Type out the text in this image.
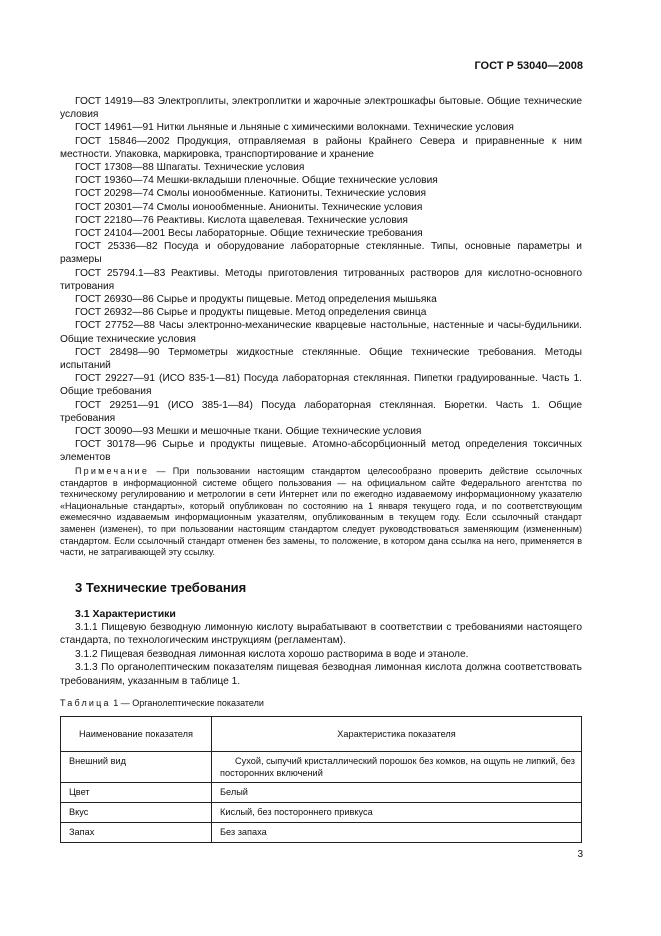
ГОСТ Р 53040—2008
ГОСТ 14919—83 Электроплиты, электроплитки и жарочные электрошкафы бытовые. Общие технические условия
ГОСТ 14961—91 Нитки льняные и льняные с химическими волокнами. Технические условия
ГОСТ 15846—2002 Продукция, отправляемая в районы Крайнего Севера и приравненные к ним местности. Упаковка, маркировка, транспортирование и хранение
ГОСТ 17308—88 Шпагаты. Технические условия
ГОСТ 19360—74 Мешки-вкладыши пленочные. Общие технические условия
ГОСТ 20298—74 Смолы ионообменные. Катиониты. Технические условия
ГОСТ 20301—74 Смолы ионообменные. Аниониты. Технические условия
ГОСТ 22180—76 Реактивы. Кислота щавелевая. Технические условия
ГОСТ 24104—2001 Весы лабораторные. Общие технические требования
ГОСТ 25336—82 Посуда и оборудование лабораторные стеклянные. Типы, основные параметры и размеры
ГОСТ 25794.1—83 Реактивы. Методы приготовления титрованных растворов для кислотно-основного титрования
ГОСТ 26930—86 Сырье и продукты пищевые. Метод определения мышьяка
ГОСТ 26932—86 Сырье и продукты пищевые. Метод определения свинца
ГОСТ 27752—88 Часы электронно-механические кварцевые настольные, настенные и часы-будильники. Общие технические условия
ГОСТ 28498—90 Термометры жидкостные стеклянные. Общие технические требования. Методы испытаний
ГОСТ 29227—91 (ИСО 835-1—81) Посуда лабораторная стеклянная. Пипетки градуированные. Часть 1. Общие требования
ГОСТ 29251—91 (ИСО 385-1—84) Посуда лабораторная стеклянная. Бюретки. Часть 1. Общие требования
ГОСТ 30090—93 Мешки и мешочные ткани. Общие технические условия
ГОСТ 30178—96 Сырье и продукты пищевые. Атомно-абсорбционный метод определения токсичных элементов
Примечание — При пользовании настоящим стандартом целесообразно проверить действие ссылочных стандартов в информационной системе общего пользования — на официальном сайте Федерального агентства по техническому регулированию и метрологии в сети Интернет или по ежегодно издаваемому информационному указателю «Национальные стандарты», который опубликован по состоянию на 1 января текущего года, и по соответствующим ежемесячно издаваемым информационным указателям, опубликованным в текущем году. Если ссылочный стандарт заменен (изменен), то при пользовании настоящим стандартом следует руководствоваться заменяющим (измененным) стандартом. Если ссылочный стандарт отменен без замены, то положение, в котором дана ссылка на него, применяется в части, не затрагивающей эту ссылку.
3 Технические требования
3.1 Характеристики
3.1.1 Пищевую безводную лимонную кислоту вырабатывают в соответствии с требованиями настоящего стандарта, по технологическим инструкциям (регламентам).
3.1.2 Пищевая безводная лимонная кислота хорошо растворима в воде и этаноле.
3.1.3 По органолептическим показателям пищевая безводная лимонная кислота должна соответствовать требованиям, указанным в таблице 1.
Таблица 1 — Органолептические показатели
Наименование показателя	Характеристика показателя
Внешний вид	Сухой, сыпучий кристаллический порошок без комков, на ощупь не липкий, без посторонних включений
Цвет	Белый
Вкус	Кислый, без постороннего привкуса
Запах	Без запаха
3
